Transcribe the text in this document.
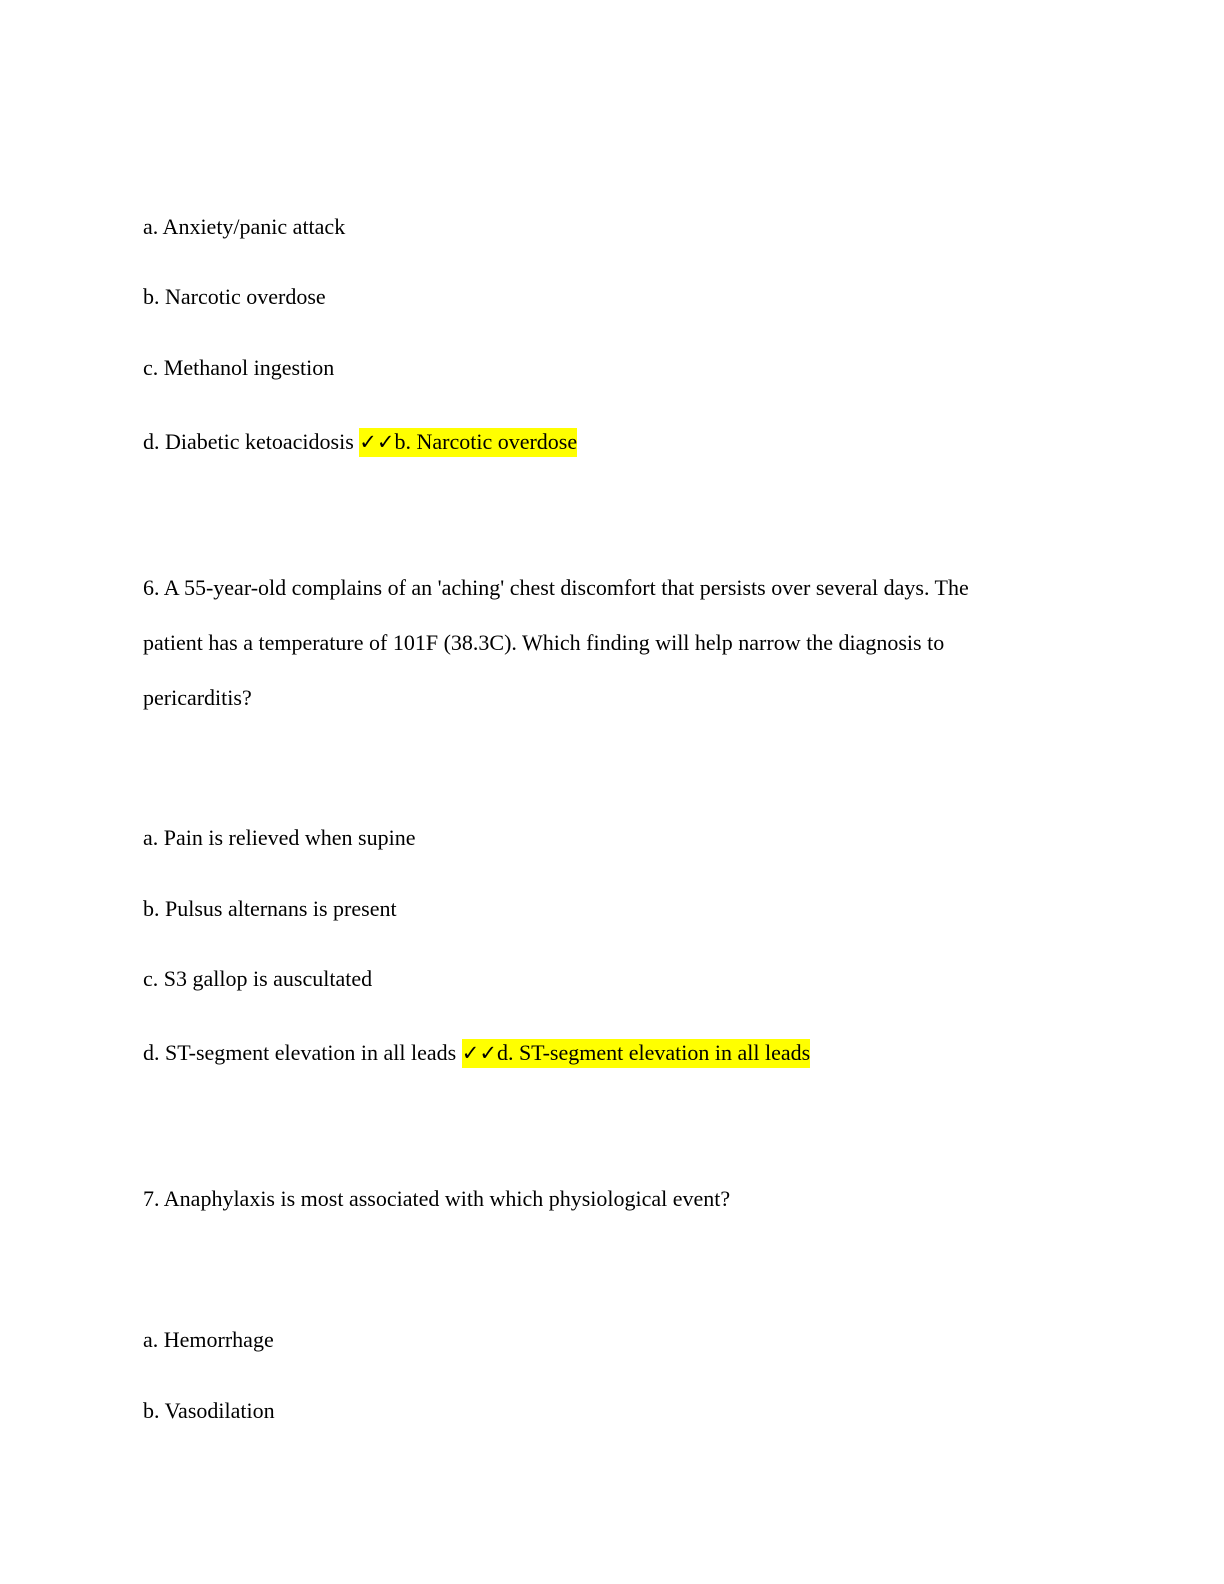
a. Anxiety/panic attack
b. Narcotic overdose
c. Methanol ingestion
d. Diabetic ketoacidosis ✓✓b. Narcotic overdose
6. A 55-year-old complains of an 'aching' chest discomfort that persists over several days. The
patient has a temperature of 101F (38.3C). Which finding will help narrow the diagnosis to
pericarditis?
a. Pain is relieved when supine
b. Pulsus alternans is present
c. S3 gallop is auscultated
d. ST-segment elevation in all leads ✓✓d. ST-segment elevation in all leads
7. Anaphylaxis is most associated with which physiological event?
a. Hemorrhage
b. Vasodilation
